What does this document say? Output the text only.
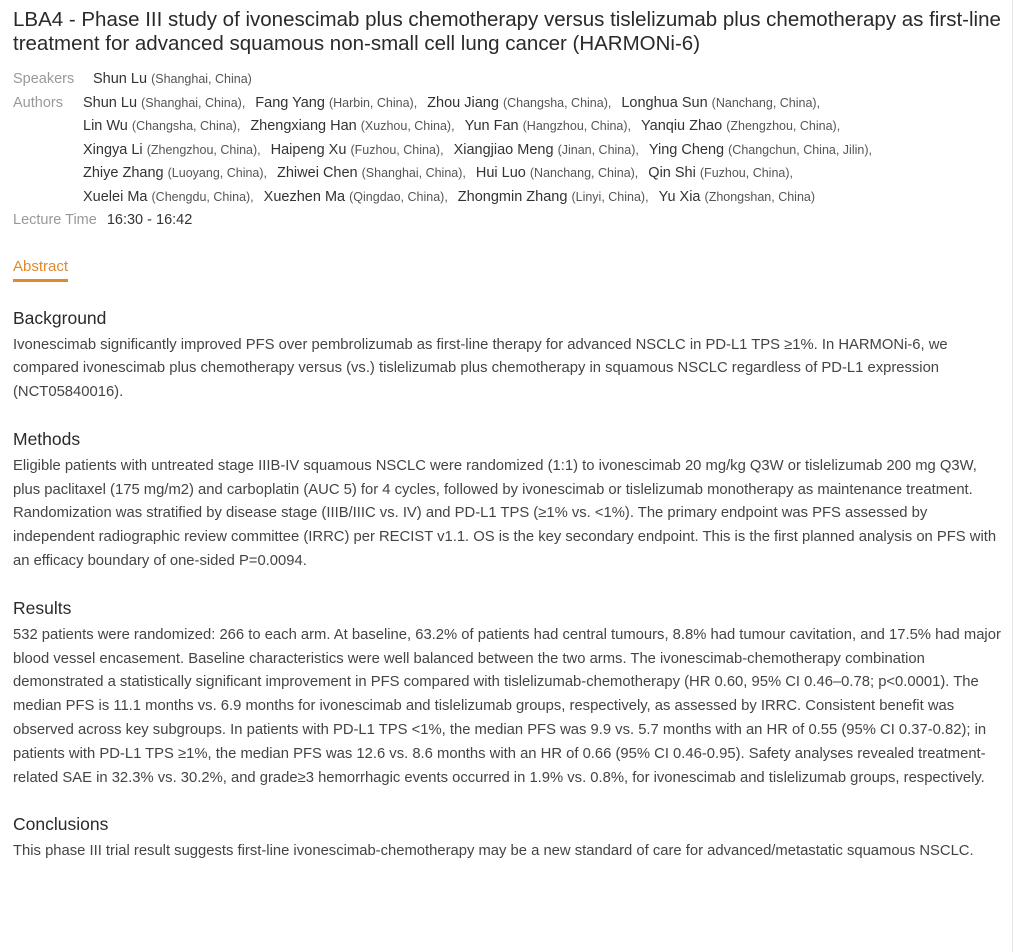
LBA4 - Phase III study of ivonescimab plus chemotherapy versus tislelizumab plus chemotherapy as first-line treatment for advanced squamous non-small cell lung cancer (HARMONi-6)
Speakers	Shun Lu (Shanghai, China)
Authors	Shun Lu (Shanghai, China), Fang Yang (Harbin, China), Zhou Jiang (Changsha, China), Longhua Sun (Nanchang, China),
Lin Wu (Changsha, China), Zhengxiang Han (Xuzhou, China), Yun Fan (Hangzhou, China), Yanqiu Zhao (Zhengzhou, China),
Xingya Li (Zhengzhou, China), Haipeng Xu (Fuzhou, China), Xiangjiao Meng (Jinan, China), Ying Cheng (Changchun, China, Jilin),
Zhiye Zhang (Luoyang, China), Zhiwei Chen (Shanghai, China), Hui Luo (Nanchang, China), Qin Shi (Fuzhou, China),
Xuelei Ma (Chengdu, China), Xuezhen Ma (Qingdao, China), Zhongmin Zhang (Linyi, China), Yu Xia (Zhongshan, China)
Lecture Time 16:30 - 16:42
Abstract
Background

Ivonescimab significantly improved PFS over pembrolizumab as first-line therapy for advanced NSCLC in PD-L1 TPS ≥1%. In HARMONi-6, we compared ivonescimab plus chemotherapy versus (vs.) tislelizumab plus chemotherapy in squamous NSCLC regardless of PD-L1 expression (NCT05840016).

Methods

Eligible patients with untreated stage IIIB-IV squamous NSCLC were randomized (1:1) to ivonescimab 20 mg/kg Q3W or tislelizumab 200 mg Q3W, plus paclitaxel (175 mg/m2) and carboplatin (AUC 5) for 4 cycles, followed by ivonescimab or tislelizumab monotherapy as maintenance treatment. Randomization was stratified by disease stage (IIIB/IIIC vs. IV) and PD-L1 TPS (≥1% vs. <1%). The primary endpoint was PFS assessed by independent radiographic review committee (IRRC) per RECIST v1.1. OS is the key secondary endpoint. This is the first planned analysis on PFS with an efficacy boundary of one-sided P=0.0094.

Results

532 patients were randomized: 266 to each arm. At baseline, 63.2% of patients had central tumours, 8.8% had tumour cavitation, and 17.5% had major blood vessel encasement. Baseline characteristics were well balanced between the two arms. The ivonescimab-chemotherapy combination demonstrated a statistically significant improvement in PFS compared with tislelizumab-chemotherapy (HR 0.60, 95% CI 0.46–0.78; p<0.0001). The median PFS is 11.1 months vs. 6.9 months for ivonescimab and tislelizumab groups, respectively, as assessed by IRRC. Consistent benefit was observed across key subgroups. In patients with PD-L1 TPS <1%, the median PFS was 9.9 vs. 5.7 months with an HR of 0.55 (95% CI 0.37-0.82); in patients with PD-L1 TPS ≥1%, the median PFS was 12.6 vs. 8.6 months with an HR of 0.66 (95% CI 0.46-0.95). Safety analyses revealed treatment-related SAE in 32.3% vs. 30.2%, and grade≥3 hemorrhagic events occurred in 1.9% vs. 0.8%, for ivonescimab and tislelizumab groups, respectively.

Conclusions

This phase III trial result suggests first-line ivonescimab-chemotherapy may be a new standard of care for advanced/metastatic squamous NSCLC.
